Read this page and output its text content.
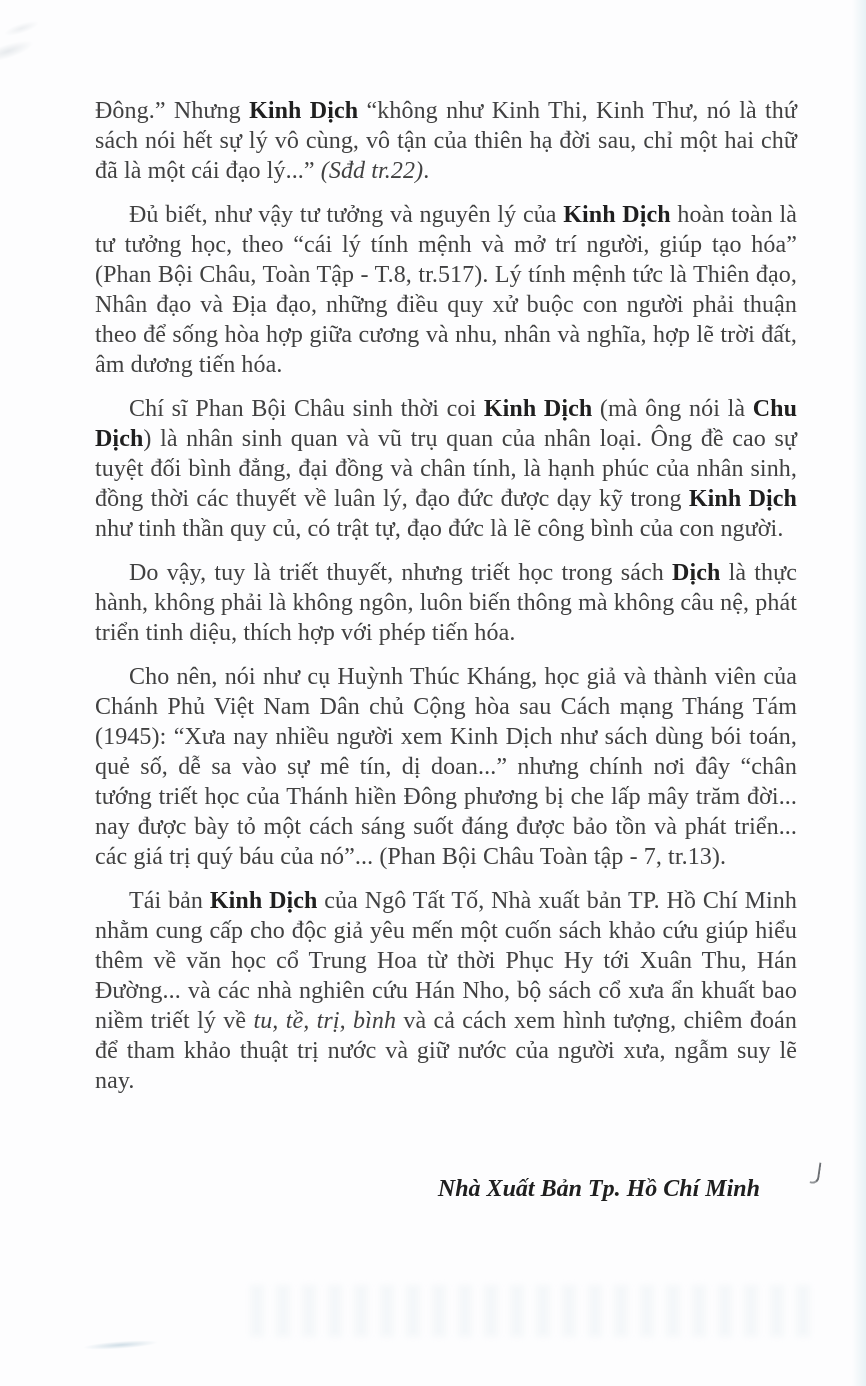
Đông.” Nhưng Kinh Dịch “không như Kinh Thi, Kinh Thư, nó là thứ sách nói hết sự lý vô cùng, vô tận của thiên hạ đời sau, chỉ một hai chữ đã là một cái đạo lý...” (Sđd tr.22).

Đủ biết, như vậy tư tưởng và nguyên lý của Kinh Dịch hoàn toàn là tư tưởng học, theo “cái lý tính mệnh và mở trí người, giúp tạo hóa” (Phan Bội Châu, Toàn Tập - T.8, tr.517). Lý tính mệnh tức là Thiên đạo, Nhân đạo và Địa đạo, những điều quy xử buộc con người phải thuận theo để sống hòa hợp giữa cương và nhu, nhân và nghĩa, hợp lẽ trời đất, âm dương tiến hóa.

Chí sĩ Phan Bội Châu sinh thời coi Kinh Dịch (mà ông nói là Chu Dịch) là nhân sinh quan và vũ trụ quan của nhân loại. Ông đề cao sự tuyệt đối bình đẳng, đại đồng và chân tính, là hạnh phúc của nhân sinh, đồng thời các thuyết về luân lý, đạo đức được dạy kỹ trong Kinh Dịch như tinh thần quy củ, có trật tự, đạo đức là lẽ công bình của con người.

Do vậy, tuy là triết thuyết, nhưng triết học trong sách Dịch là thực hành, không phải là không ngôn, luôn biến thông mà không câu nệ, phát triển tinh diệu, thích hợp với phép tiến hóa.

Cho nên, nói như cụ Huỳnh Thúc Kháng, học giả và thành viên của Chánh Phủ Việt Nam Dân chủ Cộng hòa sau Cách mạng Tháng Tám (1945): “Xưa nay nhiều người xem Kinh Dịch như sách dùng bói toán, quẻ số, dễ sa vào sự mê tín, dị doan...” nhưng chính nơi đây “chân tướng triết học của Thánh hiền Đông phương bị che lấp mây trăm đời... nay được bày tỏ một cách sáng suốt đáng được bảo tồn và phát triển... các giá trị quý báu của nó”... (Phan Bội Châu Toàn tập - 7, tr.13).

Tái bản Kinh Dịch của Ngô Tất Tố, Nhà xuất bản TP. Hồ Chí Minh nhằm cung cấp cho độc giả yêu mến một cuốn sách khảo cứu giúp hiểu thêm về văn học cổ Trung Hoa từ thời Phục Hy tới Xuân Thu, Hán Đường... và các nhà nghiên cứu Hán Nho, bộ sách cổ xưa ẩn khuất bao niềm triết lý về tu, tề, trị, bình và cả cách xem hình tượng, chiêm đoán để tham khảo thuật trị nước và giữ nước của người xưa, ngẫm suy lẽ nay.

Nhà Xuất Bản Tp. Hồ Chí Minh
